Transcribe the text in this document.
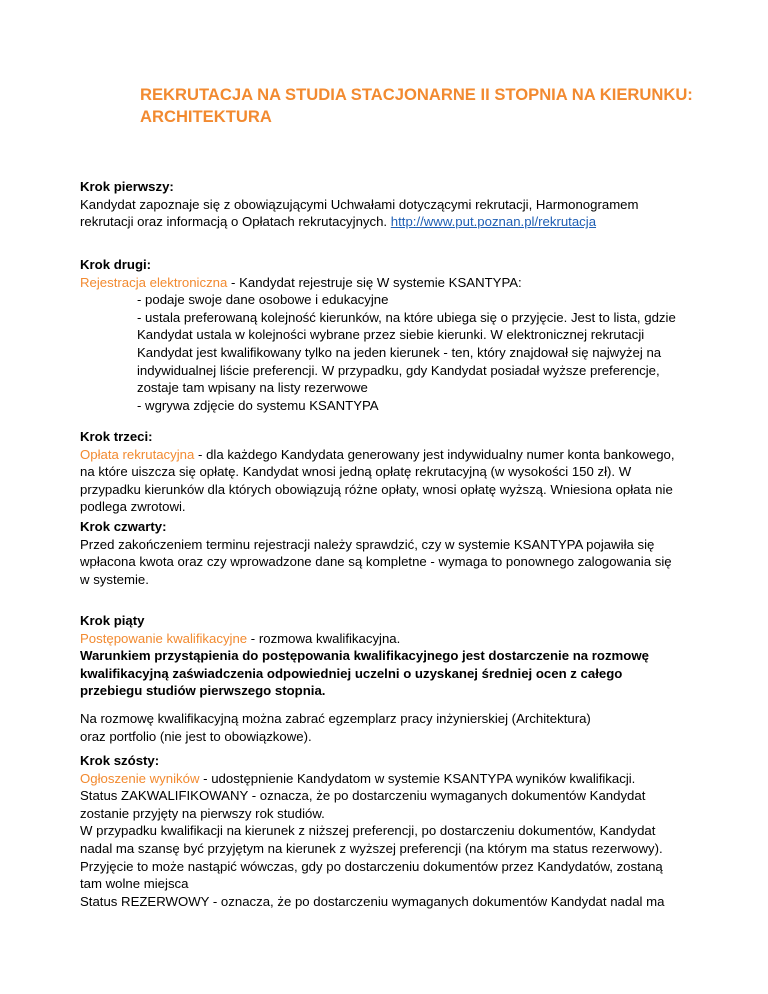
REKRUTACJA NA STUDIA STACJONARNE II STOPNIA NA KIERUNKU: ARCHITEKTURA

Krok pierwszy:

Kandydat zapoznaje się z obowiązującymi Uchwałami dotyczącymi rekrutacji, Harmonogramem rekrutacji oraz informacją o Opłatach rekrutacyjnych. http://www.put.poznan.pl/rekrutacja

Krok drugi:

Rejestracja elektroniczna - Kandydat rejestruje się W systemie KSANTYPA:

- podaje swoje dane osobowe i edukacyjne

- ustala preferowaną kolejność kierunków, na które ubiega się o przyjęcie. Jest to lista, gdzie Kandydat ustala w kolejności wybrane przez siebie kierunki. W elektronicznej rekrutacji Kandydat jest kwalifikowany tylko na jeden kierunek - ten, który znajdował się najwyżej na indywidualnej liście preferencji. W przypadku, gdy Kandydat posiadał wyższe preferencje, zostaje tam wpisany na listy rezerwowe

- wgrywa zdjęcie do systemu KSANTYPA

Krok trzeci:

Opłata rekrutacyjna - dla każdego Kandydata generowany jest indywidualny numer konta bankowego, na które uiszcza się opłatę. Kandydat wnosi jedną opłatę rekrutacyjną (w wysokości 150 zł). W przypadku kierunków dla których obowiązują różne opłaty, wnosi opłatę wyższą. Wniesiona opłata nie podlega zwrotowi.

Krok czwarty:

Przed zakończeniem terminu rejestracji należy sprawdzić, czy w systemie KSANTYPA pojawiła się wpłacona kwota oraz czy wprowadzone dane są kompletne - wymaga to ponownego zalogowania się w systemie.

Krok piąty

Postępowanie kwalifikacyjne - rozmowa kwalifikacyjna.

Warunkiem przystąpienia do postępowania kwalifikacyjnego jest dostarczenie na rozmowę kwalifikacyjną zaświadczenia odpowiedniej uczelni o uzyskanej średniej ocen z całego przebiegu studiów pierwszego stopnia.

Na rozmowę kwalifikacyjną można zabrać egzemplarz pracy inżynierskiej (Architektura)

oraz portfolio (nie jest to obowiązkowe).

Krok szósty:

Ogłoszenie wyników - udostępnienie Kandydatom w systemie KSANTYPA wyników kwalifikacji.

Status ZAKWALIFIKOWANY - oznacza, że po dostarczeniu wymaganych dokumentów Kandydat zostanie przyjęty na pierwszy rok studiów.

W przypadku kwalifikacji na kierunek z niższej preferencji, po dostarczeniu dokumentów, Kandydat nadal ma szansę być przyjętym na kierunek z wyższej preferencji (na którym ma status rezerwowy). Przyjęcie to może nastąpić wówczas, gdy po dostarczeniu dokumentów przez Kandydatów, zostaną tam wolne miejsca

Status REZERWOWY - oznacza, że po dostarczeniu wymaganych dokumentów Kandydat nadal ma
